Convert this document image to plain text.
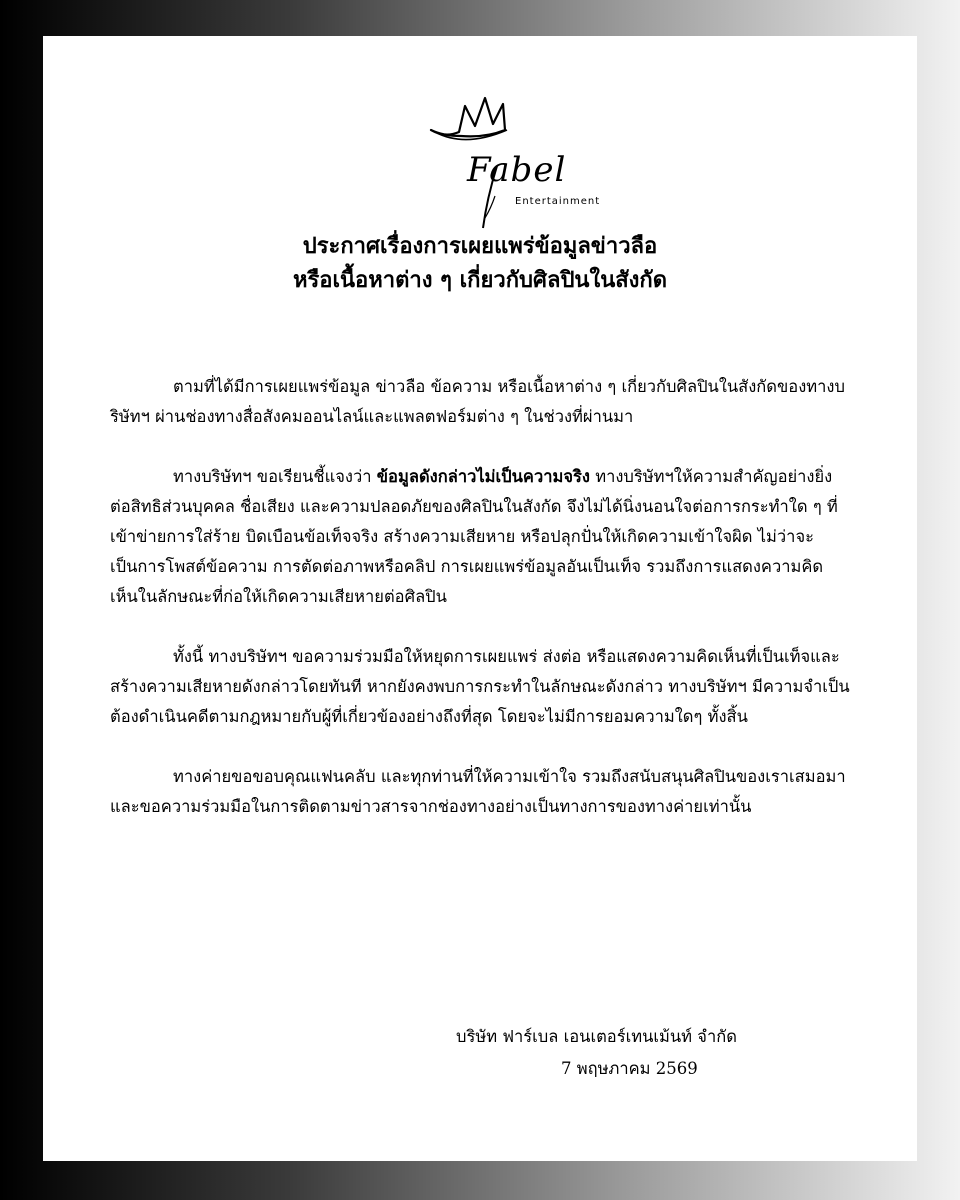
Fabel
Entertainment
ประกาศเรื่องการเผยแพร่ข้อมูลข่าวลือ
หรือเนื้อหาต่าง ๆ เกี่ยวกับศิลปินในสังกัด

ตามที่ได้มีการเผยแพร่ข้อมูล ข่าวลือ ข้อความ หรือเนื้อหาต่าง ๆ เกี่ยวกับศิลปินในสังกัดของทางบริษัทฯ ผ่านช่องทางสื่อสังคมออนไลน์และแพลตฟอร์มต่าง ๆ ในช่วงที่ผ่านมา

ทางบริษัทฯ ขอเรียนชี้แจงว่า ข้อมูลดังกล่าวไม่เป็นความจริง ทางบริษัทฯให้ความสำคัญอย่างยิ่งต่อสิทธิส่วนบุคคล ชื่อเสียง และความปลอดภัยของศิลปินในสังกัด จึงไม่ได้นิ่งนอนใจต่อการกระทำใด ๆ ที่เข้าข่ายการใส่ร้าย บิดเบือนข้อเท็จจริง สร้างความเสียหาย หรือปลุกปั่นให้เกิดความเข้าใจผิด ไม่ว่าจะเป็นการโพสต์ข้อความ การตัดต่อภาพหรือคลิป การเผยแพร่ข้อมูลอันเป็นเท็จ รวมถึงการแสดงความคิดเห็นในลักษณะที่ก่อให้เกิดความเสียหายต่อศิลปิน

ทั้งนี้ ทางบริษัทฯ ขอความร่วมมือให้หยุดการเผยแพร่ ส่งต่อ หรือแสดงความคิดเห็นที่เป็นเท็จและสร้างความเสียหายดังกล่าวโดยทันที หากยังคงพบการกระทำในลักษณะดังกล่าว ทางบริษัทฯ มีความจำเป็นต้องดำเนินคดีตามกฎหมายกับผู้ที่เกี่ยวข้องอย่างถึงที่สุด โดยจะไม่มีการยอมความใดๆ ทั้งสิ้น

ทางค่ายขอขอบคุณแฟนคลับ และทุกท่านที่ให้ความเข้าใจ รวมถึงสนับสนุนศิลปินของเราเสมอมา และขอความร่วมมือในการติดตามข่าวสารจากช่องทางอย่างเป็นทางการของทางค่ายเท่านั้น

บริษัท ฟาร์เบล เอนเตอร์เทนเม้นท์ จำกัด
7 พฤษภาคม 2569
